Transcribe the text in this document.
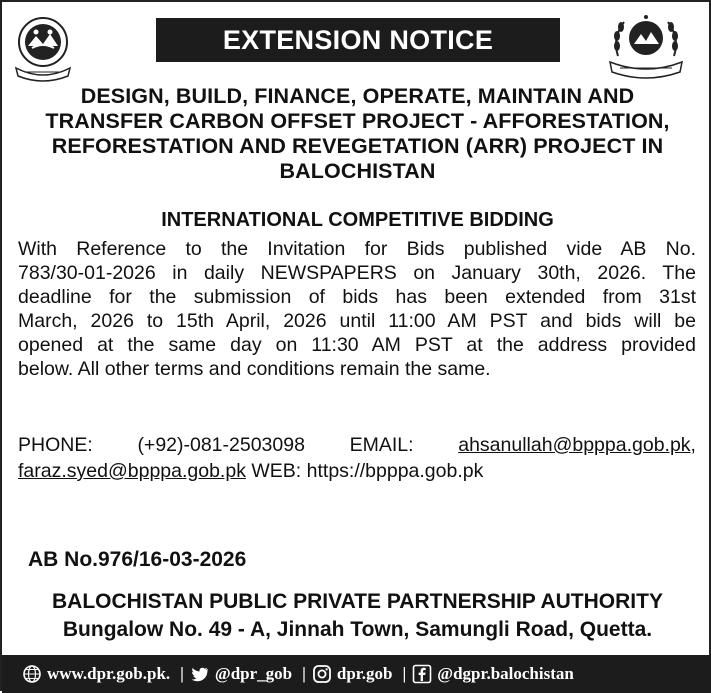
EXTENSION NOTICE
DESIGN, BUILD, FINANCE, OPERATE, MAINTAIN AND
TRANSFER CARBON OFFSET PROJECT - AFFORESTATION,
REFORESTATION AND REVEGETATION (ARR) PROJECT IN
BALOCHISTAN
INTERNATIONAL COMPETITIVE BIDDING
With Reference to the Invitation for Bids published vide AB No.
783/30-01-2026 in daily NEWSPAPERS on January 30th, 2026. The
deadline for the submission of bids has been extended from 31st
March, 2026 to 15th April, 2026 until 11:00 AM PST and bids will be
opened at the same day on 11:30 AM PST at the address provided
below. All other terms and conditions remain the same.
PHONE: (+92)-081-2503098 EMAIL: ahsanullah@bpppa.gob.pk,
faraz.syed@bpppa.gob.pk WEB: https://bpppa.gob.pk
AB No.976/16-03-2026
BALOCHISTAN PUBLIC PRIVATE PARTNERSHIP AUTHORITY
Bungalow No. 49 - A, Jinnah Town, Samungli Road, Quetta.
www.dpr.gob.pk. | @dpr_gob | dpr.gob | @dgpr.balochistan
